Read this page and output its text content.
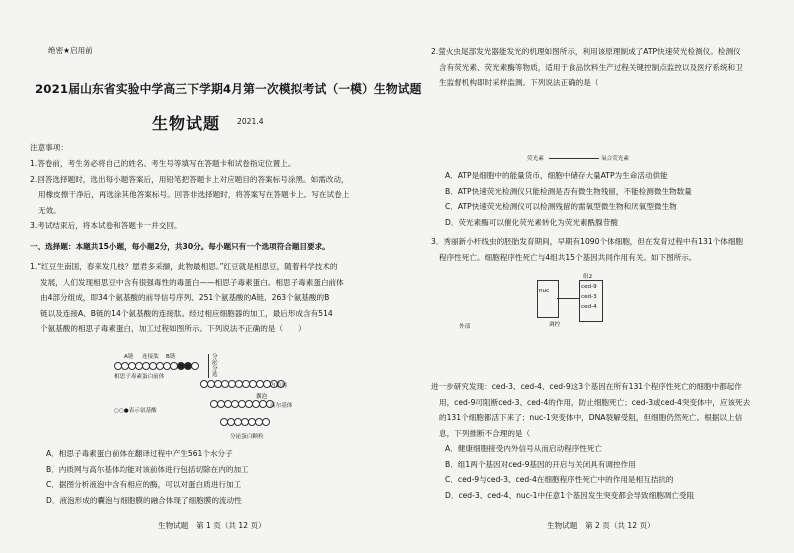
绝密★启用前
2021届山东省实验中学高三下学期4月第一次模拟考试（一模）生物试题
生物试题 2021.4
注意事项：
1.答卷前，考生务必将自己的姓名、考生号等填写在答题卡和试卷指定位置上。
2.回答选择题时，选出每小题答案后，用铅笔把答题卡上对应题目的答案标号涂黑。如需改动，
用橡皮擦干净后，再选涂其他答案标号。回答非选择题时，将答案写在答题卡上。写在试卷上
无效。
3.考试结束后，将本试卷和答题卡一并交回。
一、选择题：本题共15小题，每小题2分，共30分。每小题只有一个选项符合题目要求。
1.“红豆生南国，春来发几枝？愿君多采撷，此物最相思。”红豆就是相思豆，随着科学技术的
发展，人们发现相思豆中含有很强毒性的毒蛋白——相思子毒素蛋白。相思子毒素蛋白前体
由4部分组成，即34个氨基酸的前导信号序列、251个氨基酸的A链、263个氨基酸的B
链以及连接A、B链的14个氨基酸的连接肽。经过相应细胞器的加工，最后形成含有514
个氨基酸的相思子毒素蛋白，加工过程如图所示。下列说法不正确的是（　　）
A链 连接肽 B链
相思子毒素蛋白前体
分泌分选
内质网
囊泡
高尔基体
○○●表示氨基酸
分泌蛋白颗粒
A．相思子毒素蛋白前体在翻译过程中产生561个水分子
B．内质网与高尔基体均能对该前体进行包括切除在内的加工
C．据图分析液泡中含有相应的酶，可以对蛋白质进行加工
D．液泡形成的囊泡与细胞膜的融合体现了细胞膜的流动性
生物试题　第 1 页（共 12 页）
2.萤火虫尾部发光器能发光的机理如图所示，利用该原理制成了ATP快速荧光检测仪。检测仪
含有荧光素、荧光素酶等物质，适用于食品饮料生产过程关键控制点监控以及医疗系统和卫
生监督机构即时采样监测。下列说法正确的是（
荧光素	氧合荧光素
A．ATP是细胞中的能量货币，细胞中储存大量ATP为生命活动供能
B．ATP快速荧光检测仪只能检测是否有微生物残留，不能检测微生物数量
C．ATP快速荧光检测仪可以检测残留的需氧型微生物和厌氧型微生物
D．荧光素酶可以催化荧光素转化为荧光素酰腺苷酸
3．秀丽新小杆线虫的胚胎发育期间，早期有1090个体细胞，但在发育过程中有131个体细胞
程序性死亡。细胞程序性死亡与4组共15个基因共同作用有关。如下图所示。
组2
ced-9
ced-3
ced-4
nuc
调控
外部
进一步研究发现：ced-3、ced-4、ced-9这3个基因在所有131个程序性死亡的细胞中都起作
用，ced-9可阻断ced-3、ced-4的作用，防止细胞死亡；ced-3或ced-4突变体中，应该死去
的131个细胞都活下来了；nuc-1突变体中，DNA裂解受阻，但细胞仍然死亡。根据以上信
息，下列推断不合理的是（
A．健康细胞接受内外信号从而启动程序性死亡
B．组1两个基因对ced-9基因的开启与关闭具有调控作用
C．ced-9与ced-3、ced-4在细胞程序性死亡中的作用是相互拮抗的
D．ced-3、ced-4、nuc-1中任意1个基因发生突变都会导致细胞凋亡受阻
生物试题　第 2 页（共 12 页）
